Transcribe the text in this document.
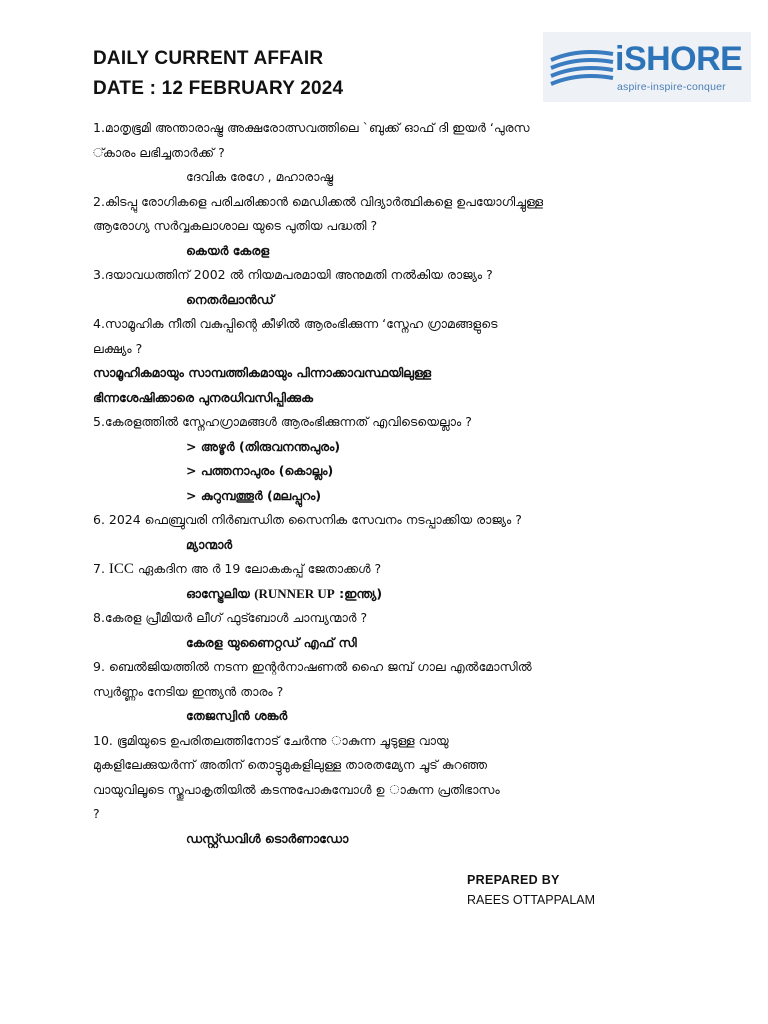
DAILY CURRENT AFFAIR

DATE : 12 FEBRUARY 2024

iSHORE
aspire-inspire-conquer
1.മാതൃഭൂമി അന്താരാഷ്ട്ര അക്ഷരോത്സവത്തിലെ `ബുക്ക് ഓഫ് ദി ഇയർ ‘പുരസ
്കാരം ലഭിച്ചതാർക്ക് ?
ദേവിക രേഗേ , മഹാരാഷ്ട്ര
2.കിടപ്പു രോഗികളെ പരിചരിക്കാൻ മെഡിക്കൽ വിദ്യാർത്ഥികളെ ഉപയോഗിച്ചുള്ള
ആരോഗ്യ സർവ്വകലാശാല യുടെ പുതിയ പദ്ധതി ?
കെയർ കേരള
3.ദയാവധത്തിന് 2002 ൽ നിയമപരമായി അനുമതി നൽകിയ രാജ്യം ?
നെതർലാൻഡ്
4.സാമൂഹിക നീതി വകുപ്പിന്റെ കീഴിൽ ആരംഭിക്കുന്ന ‘സ്നേഹ ഗ്രാമങ്ങളുടെ
ലക്ഷ്യം ?
സാമൂഹികമായും സാമ്പത്തികമായും പിന്നാക്കാവസ്ഥയിലുള്ള
ഭിന്നശേഷിക്കാരെ പുനരധിവസിപ്പിക്കുക
5.കേരളത്തിൽ സ്നേഹഗ്രാമങ്ങൾ ആരംഭിക്കുന്നത് എവിടെയെല്ലാം ?
> അഴൂർ (തിരുവനന്തപുരം)
> പത്തനാപുരം (കൊല്ലം)
> കുറുമ്പത്തൂർ (മലപ്പുറം)
6. 2024 ഫെബ്രുവരി നിർബന്ധിത സൈനിക സേവനം നടപ്പാക്കിയ രാജ്യം ?
മ്യാന്മാർ
7. ICC ഏകദിന അ ർ 19 ലോകകപ്പ് ജേതാക്കൾ ?
ഓസ്ട്രേലിയ (RUNNER UP :ഇന്ത്യ)
8.കേരള പ്രീമിയർ ലീഗ് ഫുട്ബോൾ ചാമ്പ്യന്മാർ ?
കേരള യുണൈറ്റഡ് എഫ് സി
9. ബെൽജിയത്തിൽ നടന്ന ഇന്റർനാഷണൽ ഹൈ ജമ്പ് ഗാല എൽമോസിൽ
സ്വർണ്ണം നേടിയ ഇന്ത്യൻ താരം ?
തേജസ്വിൻ ശങ്കർ
10. ഭൂമിയുടെ ഉപരിതലത്തിനോട് ചേർന്നു ാകുന്ന ചൂടുള്ള വായു
മുകളിലേക്കുയർന്ന് അതിന് തൊട്ടുമുകളിലുള്ള താരതമ്യേന ചൂട് കുറഞ്ഞ
വായുവിലൂടെ സ്തൂപാകൃതിയിൽ കടന്നുപോകുമ്പോൾ ഉ ാകുന്ന പ്രതിഭാസം
?
ഡസ്റ്റ്ഡവിൾ ടൊർണാഡോ
PREPARED BY
RAEES OTTAPPALAM
